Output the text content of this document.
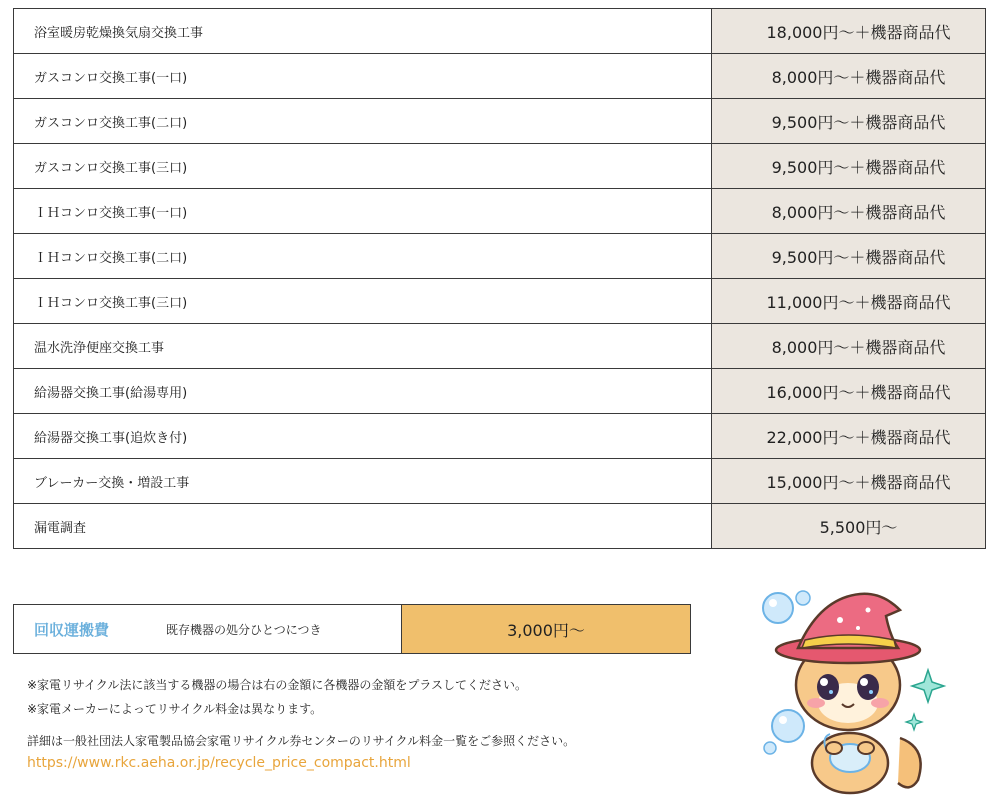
浴室暖房乾燥換気扇交換工事	18,000円〜＋機器商品代
ガスコンロ交換工事(一口)	8,000円〜＋機器商品代
ガスコンロ交換工事(二口)	9,500円〜＋機器商品代
ガスコンロ交換工事(三口)	9,500円〜＋機器商品代
ＩＨコンロ交換工事(一口)	8,000円〜＋機器商品代
ＩＨコンロ交換工事(二口)	9,500円〜＋機器商品代
ＩＨコンロ交換工事(三口)	11,000円〜＋機器商品代
温水洗浄便座交換工事	8,000円〜＋機器商品代
給湯器交換工事(給湯専用)	16,000円〜＋機器商品代
給湯器交換工事(追炊き付)	22,000円〜＋機器商品代
ブレーカー交換・増設工事	15,000円〜＋機器商品代
漏電調査	5,500円〜
回収運搬費	既存機器の処分ひとつにつき	3,000円〜
※家電リサイクル法に該当する機器の場合は右の金額に各機器の金額をプラスしてください。
※家電メーカーによってリサイクル料金は異なります。
詳細は一般社団法人家電製品協会家電リサイクル券センターのリサイクル料金一覧をご参照ください。
https://www.rkc.aeha.or.jp/recycle_price_compact.html
